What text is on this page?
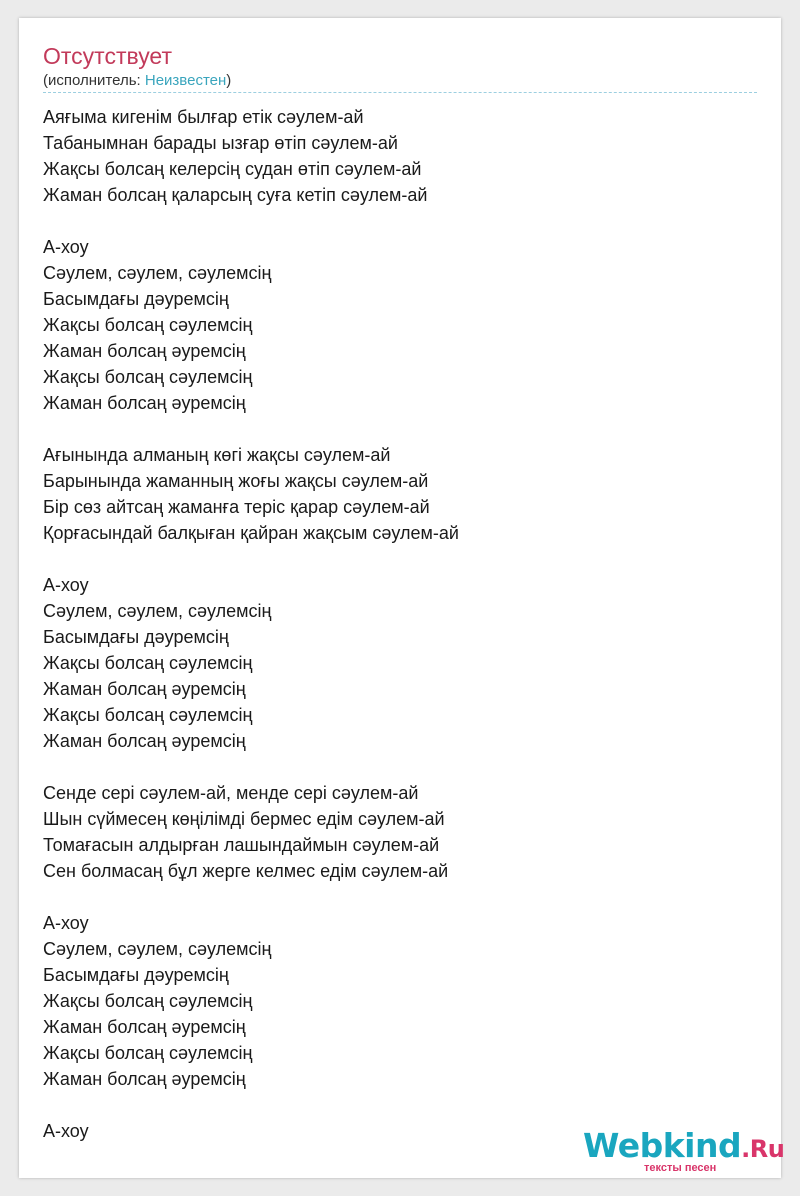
Отсутствует
(исполнитель: Неизвестен)
Аяғыма кигенім былғар етік сәулем-ай
Табанымнан барады ызғар өтіп сәулем-ай
Жақсы болсаң келерсің судан өтіп сәулем-ай
Жаман болсаң қаларсың суға кетіп сәулем-ай
А-хоу
Сәулем, сәулем, сәулемсің
Басымдағы дәуремсің
Жақсы болсаң сәулемсің
Жаман болсаң әуремсің
Жақсы болсаң сәулемсің
Жаман болсаң әуремсің
Ағынында алманың көгі жақсы сәулем-ай
Барынында жаманның жоғы жақсы сәулем-ай
Бір сөз айтсаң жаманға теріс қарар сәулем-ай
Қорғасындай балқыған қайран жақсым сәулем-ай
А-хоу
Сәулем, сәулем, сәулемсің
Басымдағы дәуремсің
Жақсы болсаң сәулемсің
Жаман болсаң әуремсің
Жақсы болсаң сәулемсің
Жаман болсаң әуремсің
Сенде сері сәулем-ай, менде сері сәулем-ай
Шын сүймесең көңілімді бермес едім сәулем-ай
Томағасын алдырған лашындаймын сәулем-ай
Сен болмасаң бұл жерге келмес едім сәулем-ай
А-хоу
Сәулем, сәулем, сәулемсің
Басымдағы дәуремсің
Жақсы болсаң сәулемсің
Жаман болсаң әуремсің
Жақсы болсаң сәулемсің
Жаман болсаң әуремсің
А-хоу	Webkind.Ru
тексты песен
